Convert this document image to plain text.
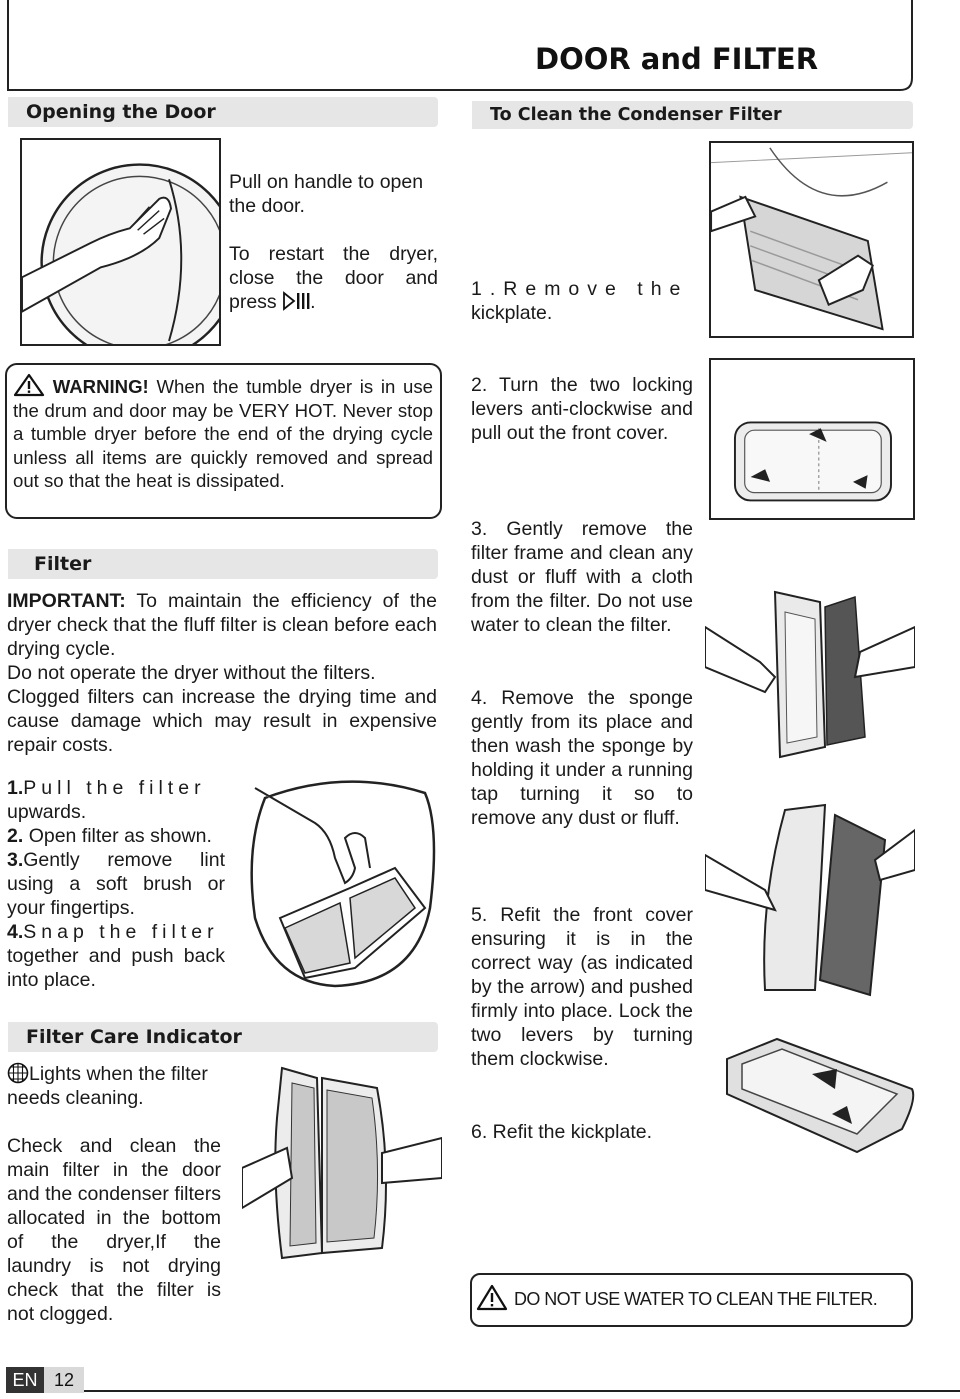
DOOR and FILTER
Opening the Door

Pull on handle to open the door.

To restart the dryer, close the door and press .

WARNING! When the tumble dryer is in use the drum and door may be VERY HOT. Never stop a tumble dryer before the end of the drying cycle unless all items are quickly removed and spread out so that the heat is dissipated.

Filter

IMPORTANT: To maintain the efficiency of the dryer check that the fluff filter is clean before each drying cycle.

Do not operate the dryer without the filters.

Clogged filters can increase the drying time and cause damage which may result in expensive repair costs.

1.Pull the filter
upwards.

2. Open filter as shown.

3.Gently remove lint using a soft brush or your fingertips.

4.Snap the filter
together and push back into place.

Filter Care Indicator

Lights when the filter needs cleaning.

Check and clean the main filter in the door and the condenser filters allocated in the bottom of the dryer,If the laundry is not drying check that the filter is not clogged.

To Clean the Condenser Filter

1.Remove the
kickplate.

2. Turn the two locking levers anti-clockwise and pull out the front cover.

3. Gently remove the filter frame and clean any dust or fluff with a cloth from the filter. Do not use water to clean the filter.

4. Remove the sponge gently from its place and then wash the sponge by holding it under a running tap turning it so to remove any dust or fluff.

5. Refit the front cover ensuring it is in the correct way (as indicated by the arrow) and pushed firmly into place. Lock the two levers by turning them clockwise.

6. Refit the kickplate.

DO NOT USE WATER TO CLEAN THE FILTER.
EN 12
